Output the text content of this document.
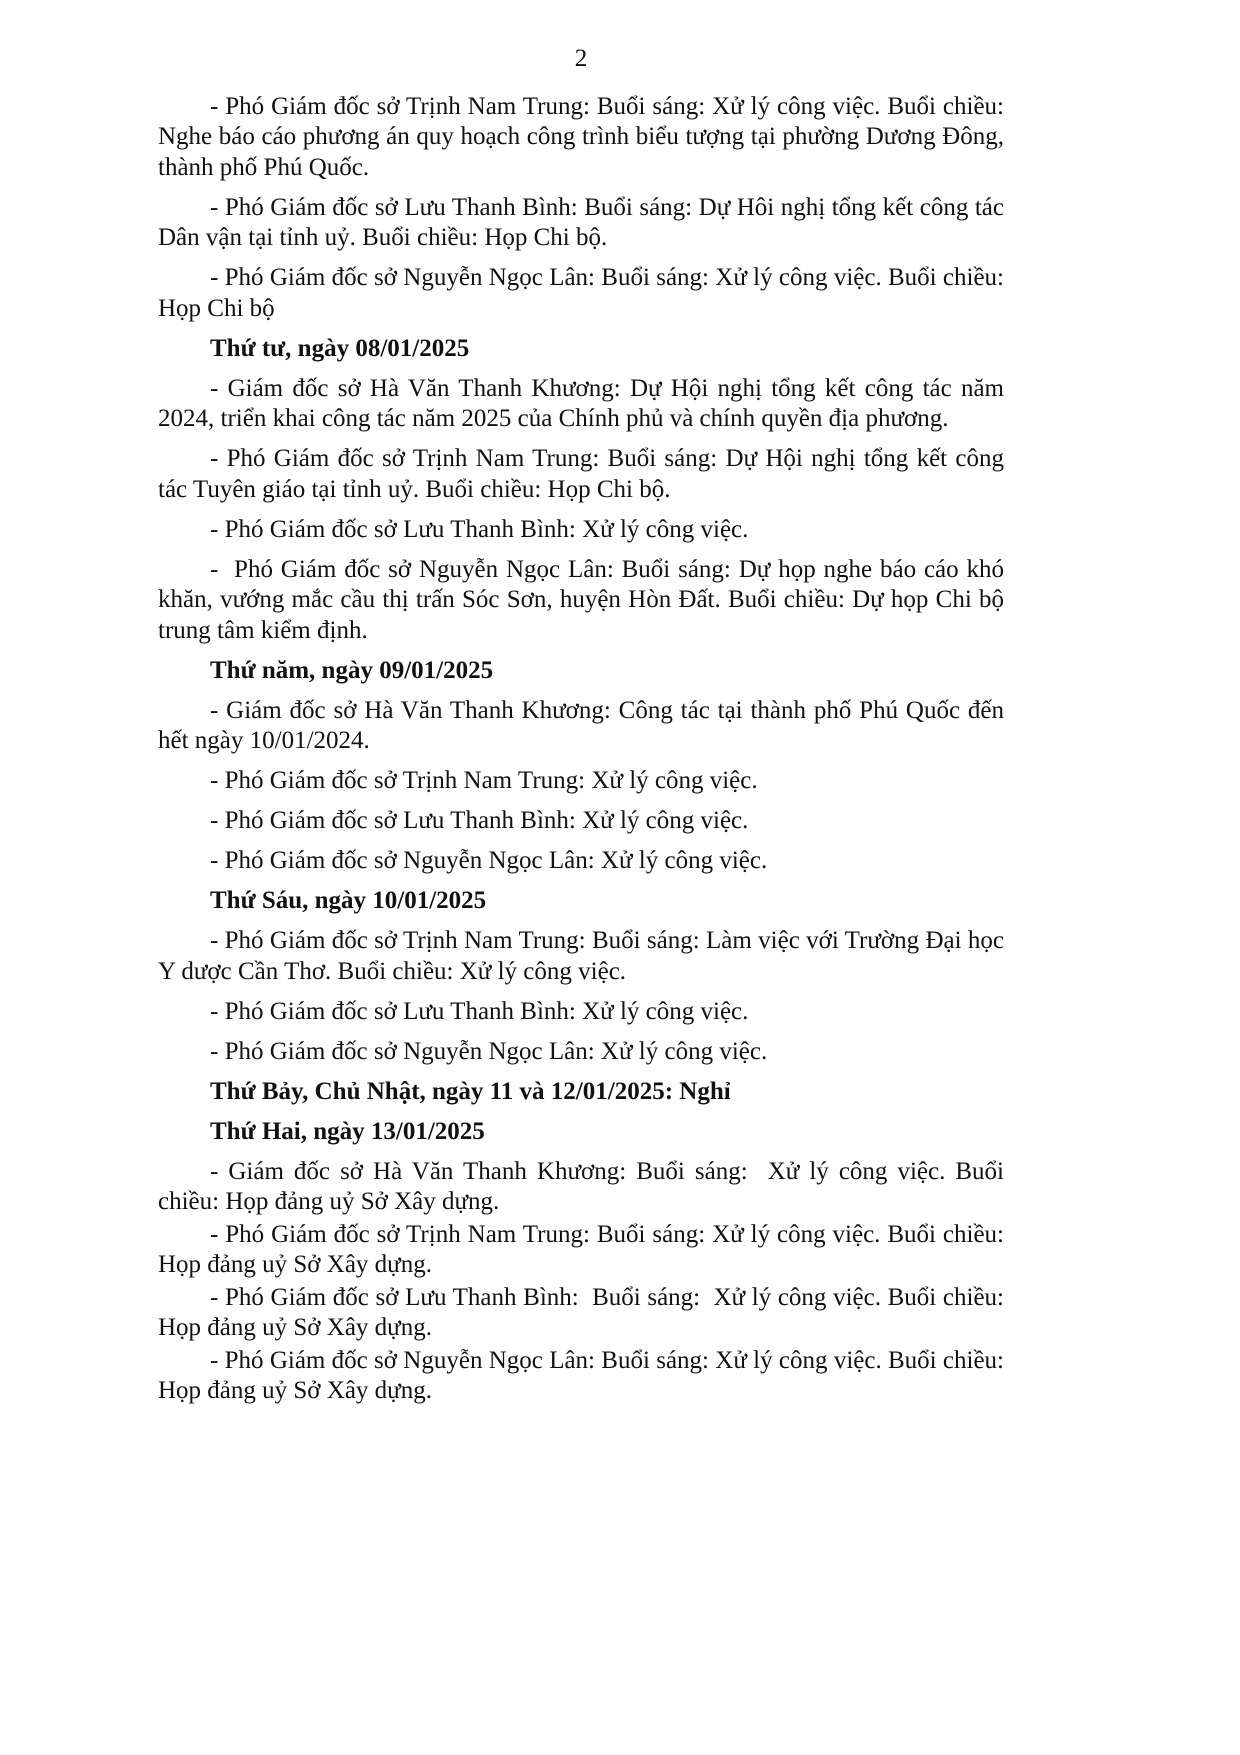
2

- Phó Giám đốc sở Trịnh Nam Trung: Buổi sáng: Xử lý công việc. Buổi chiều: Nghe báo cáo phương án quy hoạch công trình biểu tượng tại phường Dương Đông, thành phố Phú Quốc.

- Phó Giám đốc sở Lưu Thanh Bình: Buổi sáng: Dự Hôi nghị tổng kết công tác Dân vận tại tỉnh uỷ. Buổi chiều: Họp Chi bộ.

- Phó Giám đốc sở Nguyễn Ngọc Lân: Buổi sáng: Xử lý công việc. Buổi chiều: Họp Chi bộ

Thứ tư, ngày 08/01/2025

- Giám đốc sở Hà Văn Thanh Khương: Dự Hội nghị tổng kết công tác năm 2024, triển khai công tác năm 2025 của Chính phủ và chính quyền địa phương.

- Phó Giám đốc sở Trịnh Nam Trung: Buổi sáng: Dự Hội nghị tổng kết công tác Tuyên giáo tại tỉnh uỷ. Buổi chiều: Họp Chi bộ.

- Phó Giám đốc sở Lưu Thanh Bình: Xử lý công việc.

-  Phó Giám đốc sở Nguyễn Ngọc Lân: Buổi sáng: Dự họp nghe báo cáo khó khăn, vướng mắc cầu thị trấn Sóc Sơn, huyện Hòn Đất. Buổi chiều: Dự họp Chi bộ trung tâm kiểm định.

Thứ năm, ngày 09/01/2025

- Giám đốc sở Hà Văn Thanh Khương: Công tác tại thành phố Phú Quốc đến hết ngày 10/01/2024.

- Phó Giám đốc sở Trịnh Nam Trung: Xử lý công việc.

- Phó Giám đốc sở Lưu Thanh Bình: Xử lý công việc.

- Phó Giám đốc sở Nguyễn Ngọc Lân: Xử lý công việc.

Thứ Sáu, ngày 10/01/2025

- Phó Giám đốc sở Trịnh Nam Trung: Buổi sáng: Làm việc với Trường Đại học Y dược Cần Thơ. Buổi chiều: Xử lý công việc.

- Phó Giám đốc sở Lưu Thanh Bình: Xử lý công việc.

- Phó Giám đốc sở Nguyễn Ngọc Lân: Xử lý công việc.

Thứ Bảy, Chủ Nhật, ngày 11 và 12/01/2025: Nghỉ

Thứ Hai, ngày 13/01/2025

- Giám đốc sở Hà Văn Thanh Khương: Buổi sáng:  Xử lý công việc. Buổi chiều: Họp đảng uỷ Sở Xây dựng.

- Phó Giám đốc sở Trịnh Nam Trung: Buổi sáng: Xử lý công việc. Buổi chiều: Họp đảng uỷ Sở Xây dựng.

- Phó Giám đốc sở Lưu Thanh Bình:  Buổi sáng:  Xử lý công việc. Buổi chiều: Họp đảng uỷ Sở Xây dựng.

- Phó Giám đốc sở Nguyễn Ngọc Lân: Buổi sáng: Xử lý công việc. Buổi chiều: Họp đảng uỷ Sở Xây dựng.
